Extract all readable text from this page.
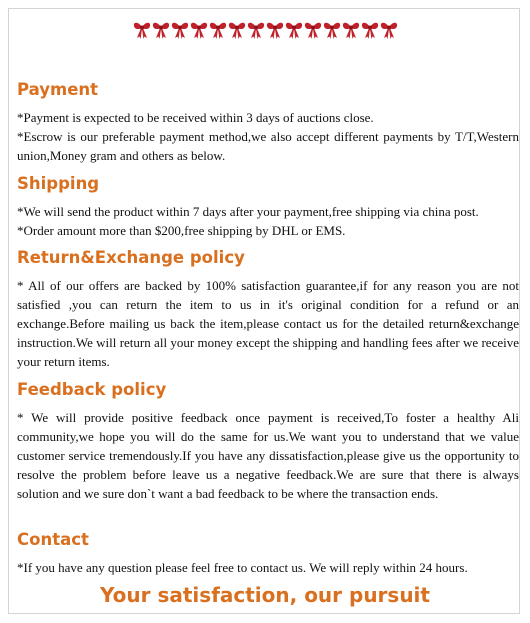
Payment

*Payment is expected to be received within 3 days of auctions close.

*Escrow is our preferable payment method,we also accept different payments by T/T,Western union,Money gram and others as below.

Shipping

*We will send the product within 7 days after your payment,free shipping via china post.

*Order amount more than $200,free shipping by DHL or EMS.

Return&Exchange policy

* All of our offers are backed by 100% satisfaction guarantee,if for any reason you are not satisfied ,you can return the item to us in it's original condition for a refund or an exchange.Before mailing us back the item,please contact us for the detailed return&exchange instruction.We will return all your money except the shipping and handling fees after we receive your return items.

Feedback policy

* We will provide positive feedback once payment is received,To foster a healthy Ali community,we hope you will do the same for us.We want you to understand that we value customer service tremendously.If you have any dissatisfaction,please give us the opportunity to resolve the problem before leave us a negative feedback.We are sure that there is always solution and we sure don`t want a bad feedback to be where the transaction ends.

Contact

*If you have any question please feel free to contact us. We will reply within 24 hours.

Your satisfaction, our pursuit
